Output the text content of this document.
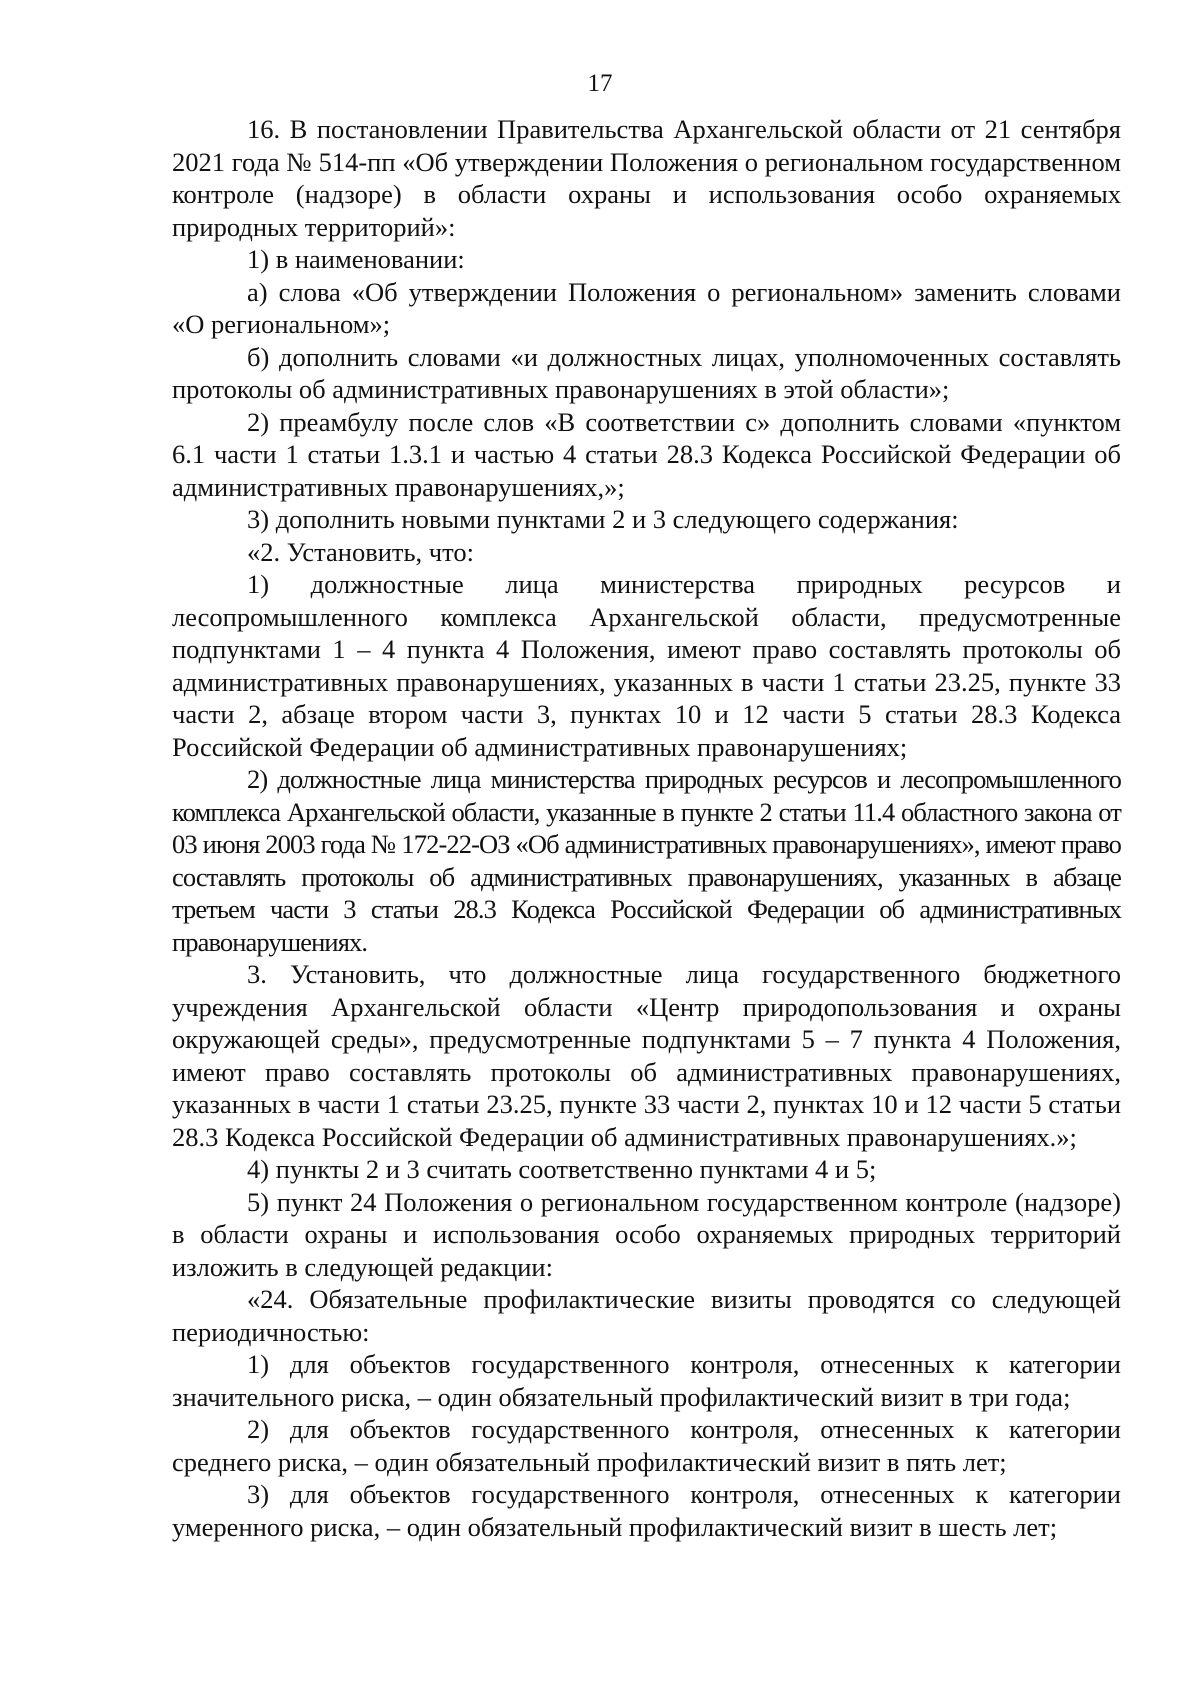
17

16. В постановлении Правительства Архангельской области от 21 сентября 2021 года № 514-пп «Об утверждении Положения о региональном государственном контроле (надзоре) в области охраны и использования особо охраняемых природных территорий»:

1) в наименовании:

а) слова «Об утверждении Положения о региональном» заменить словами «О региональном»;

б) дополнить словами «и должностных лицах, уполномоченных составлять протоколы об административных правонарушениях в этой области»;

2) преамбулу после слов «В соответствии с» дополнить словами «пунктом 6.1 части 1 статьи 1.3.1 и частью 4 статьи 28.3 Кодекса Российской Федерации об административных правонарушениях,»;

3) дополнить новыми пунктами 2 и 3 следующего содержания:

«2. Установить, что:

1) должностные лица министерства природных ресурсов и лесопромышленного комплекса Архангельской области, предусмотренные подпунктами 1 – 4 пункта 4 Положения, имеют право составлять протоколы об административных правонарушениях, указанных в части 1 статьи 23.25, пункте 33 части 2, абзаце втором части 3, пунктах 10 и 12 части 5 статьи 28.3 Кодекса Российской Федерации об административных правонарушениях;

2) должностные лица министерства природных ресурсов и лесопромышленного комплекса Архангельской области, указанные в пункте 2 статьи 11.4 областного закона от 03 июня 2003 года № 172-22-ОЗ «Об административных правонарушениях», имеют право составлять протоколы об административных правонарушениях, указанных в абзаце третьем части 3 статьи 28.3 Кодекса Российской Федерации об административных правонарушениях.

3. Установить, что должностные лица государственного бюджетного учреждения Архангельской области «Центр природопользования и охраны окружающей среды», предусмотренные подпунктами 5 – 7 пункта 4 Положения, имеют право составлять протоколы об административных правонарушениях, указанных в части 1 статьи 23.25, пункте 33 части 2, пунктах 10 и 12 части 5 статьи 28.3 Кодекса Российской Федерации об административных правонарушениях.»;

4) пункты 2 и 3 считать соответственно пунктами 4 и 5;

5) пункт 24 Положения о региональном государственном контроле (надзоре) в области охраны и использования особо охраняемых природных территорий изложить в следующей редакции:

«24. Обязательные профилактические визиты проводятся со следующей периодичностью:

1) для объектов государственного контроля, отнесенных к категории значительного риска, – один обязательный профилактический визит в три года;

2) для объектов государственного контроля, отнесенных к категории среднего риска, – один обязательный профилактический визит в пять лет;

3) для объектов государственного контроля, отнесенных к категории умеренного риска, – один обязательный профилактический визит в шесть лет;
